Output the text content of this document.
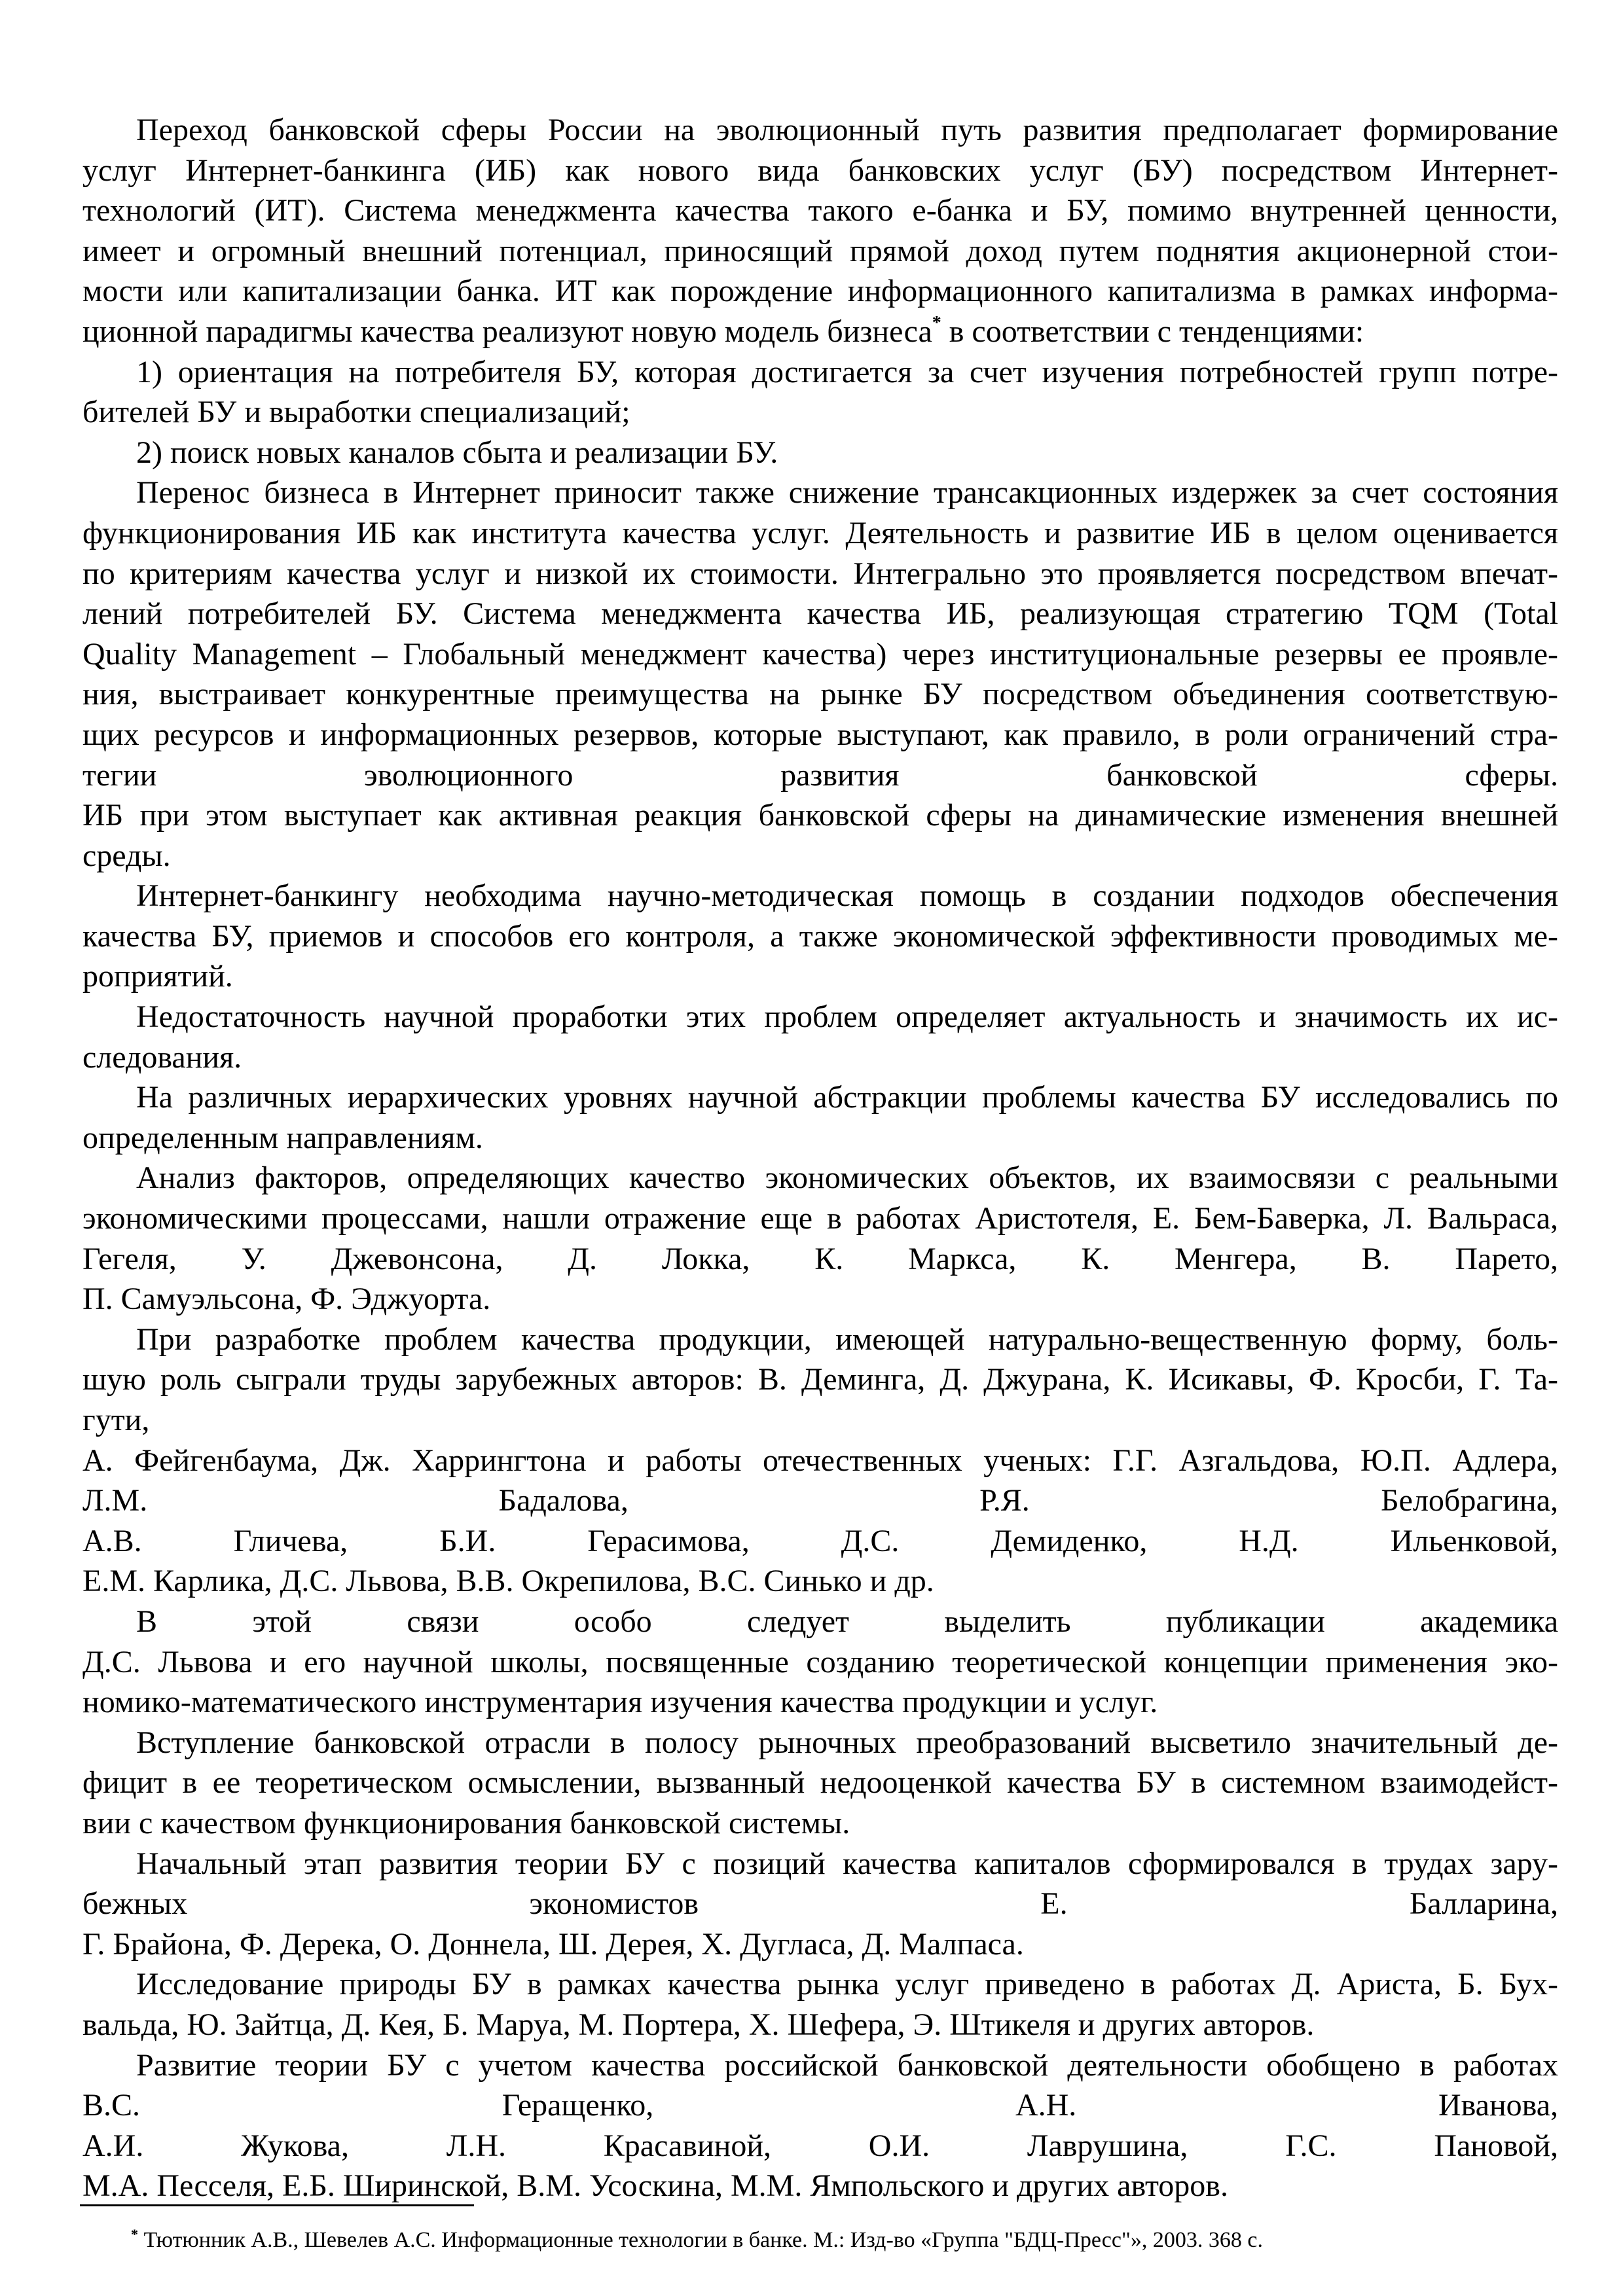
Переход банковской сферы России на эволюционный путь развития предполагает формирование
услуг Интернет-банкинга (ИБ) как нового вида банковских услуг (БУ) посредством Интернет-
технологий (ИТ). Система менеджмента качества такого е-банка и БУ, помимо внутренней ценности,
имеет и огромный внешний потенциал, приносящий прямой доход путем поднятия акционерной стои-
мости или капитализации банка. ИТ как порождение информационного капитализма в рамках информа-
ционной парадигмы качества реализуют новую модель бизнеса* в соответствии с тенденциями:
1) ориентация на потребителя БУ, которая достигается за счет изучения потребностей групп потре-
бителей БУ и выработки специализаций;
2) поиск новых каналов сбыта и реализации БУ.
Перенос бизнеса в Интернет приносит также снижение трансакционных издержек за счет состояния
функционирования ИБ как института качества услуг. Деятельность и развитие ИБ в целом оценивается
по критериям качества услуг и низкой их стоимости. Интегрально это проявляется посредством впечат-
лений потребителей БУ. Система менеджмента качества ИБ, реализующая стратегию TQM (Total
Quality Management – Глобальный менеджмент качества) через институциональные резервы ее проявле-
ния, выстраивает конкурентные преимущества на рынке БУ посредством объединения соответствую-
щих ресурсов и информационных резервов, которые выступают, как правило, в роли ограничений стра-
тегии эволюционного развития банковской сферы.
ИБ при этом выступает как активная реакция банковской сферы на динамические изменения внешней
среды.
Интернет-банкингу необходима научно-методическая помощь в создании подходов обеспечения
качества БУ, приемов и способов его контроля, а также экономической эффективности проводимых ме-
роприятий.
Недостаточность научной проработки этих проблем определяет актуальность и значимость их ис-
следования.
На различных иерархических уровнях научной абстракции проблемы качества БУ исследовались по
определенным направлениям.
Анализ факторов, определяющих качество экономических объектов, их взаимосвязи с реальными
экономическими процессами, нашли отражение еще в работах Аристотеля, Е. Бем-Баверка, Л. Вальраса,
Гегеля, У. Джевонсона, Д. Локка, К. Маркса, К. Менгера, В. Парето,
П. Самуэльсона, Ф. Эджуорта.
При разработке проблем качества продукции, имеющей натурально-вещественную форму, боль-
шую роль сыграли труды зарубежных авторов: В. Деминга, Д. Джурана, К. Исикавы, Ф. Кросби, Г. Та-
гути,
А. Фейгенбаума, Дж. Харрингтона и работы отечественных ученых: Г.Г. Азгальдова, Ю.П. Адлера,
Л.М. Бадалова, Р.Я. Белобрагина,
А.В. Гличева, Б.И. Герасимова, Д.С. Демиденко, Н.Д. Ильенковой,
Е.М. Карлика, Д.С. Львова, В.В. Окрепилова, В.С. Синько и др.
В этой связи особо следует выделить публикации академика
Д.С. Львова и его научной школы, посвященные созданию теоретической концепции применения эко-
номико-математического инструментария изучения качества продукции и услуг.
Вступление банковской отрасли в полосу рыночных преобразований высветило значительный де-
фицит в ее теоретическом осмыслении, вызванный недооценкой качества БУ в системном взаимодейст-
вии с качеством функционирования банковской системы.
Начальный этап развития теории БУ с позиций качества капиталов сформировался в трудах зару-
бежных экономистов Е. Балларина,
Г. Брайона, Ф. Дерека, О. Доннела, Ш. Дерея, Х. Дугласа, Д. Малпаса.
Исследование природы БУ в рамках качества рынка услуг приведено в работах Д. Ариста, Б. Бух-
вальда, Ю. Зайтца, Д. Кея, Б. Маруа, М. Портера, Х. Шефера, Э. Штикеля и других авторов.
Развитие теории БУ с учетом качества российской банковской деятельности обобщено в работах
В.С. Геращенко, А.Н. Иванова,
А.И. Жукова, Л.Н. Красавиной, О.И. Лаврушина, Г.С. Пановой,
М.А. Песселя, Е.Б. Ширинской, В.М. Усоскина, М.М. Ямпольского и других авторов.
* Тютюнник А.В., Шевелев А.С. Информационные технологии в банке. М.: Изд-во «Группа "БДЦ-Пресс"», 2003. 368 с.
